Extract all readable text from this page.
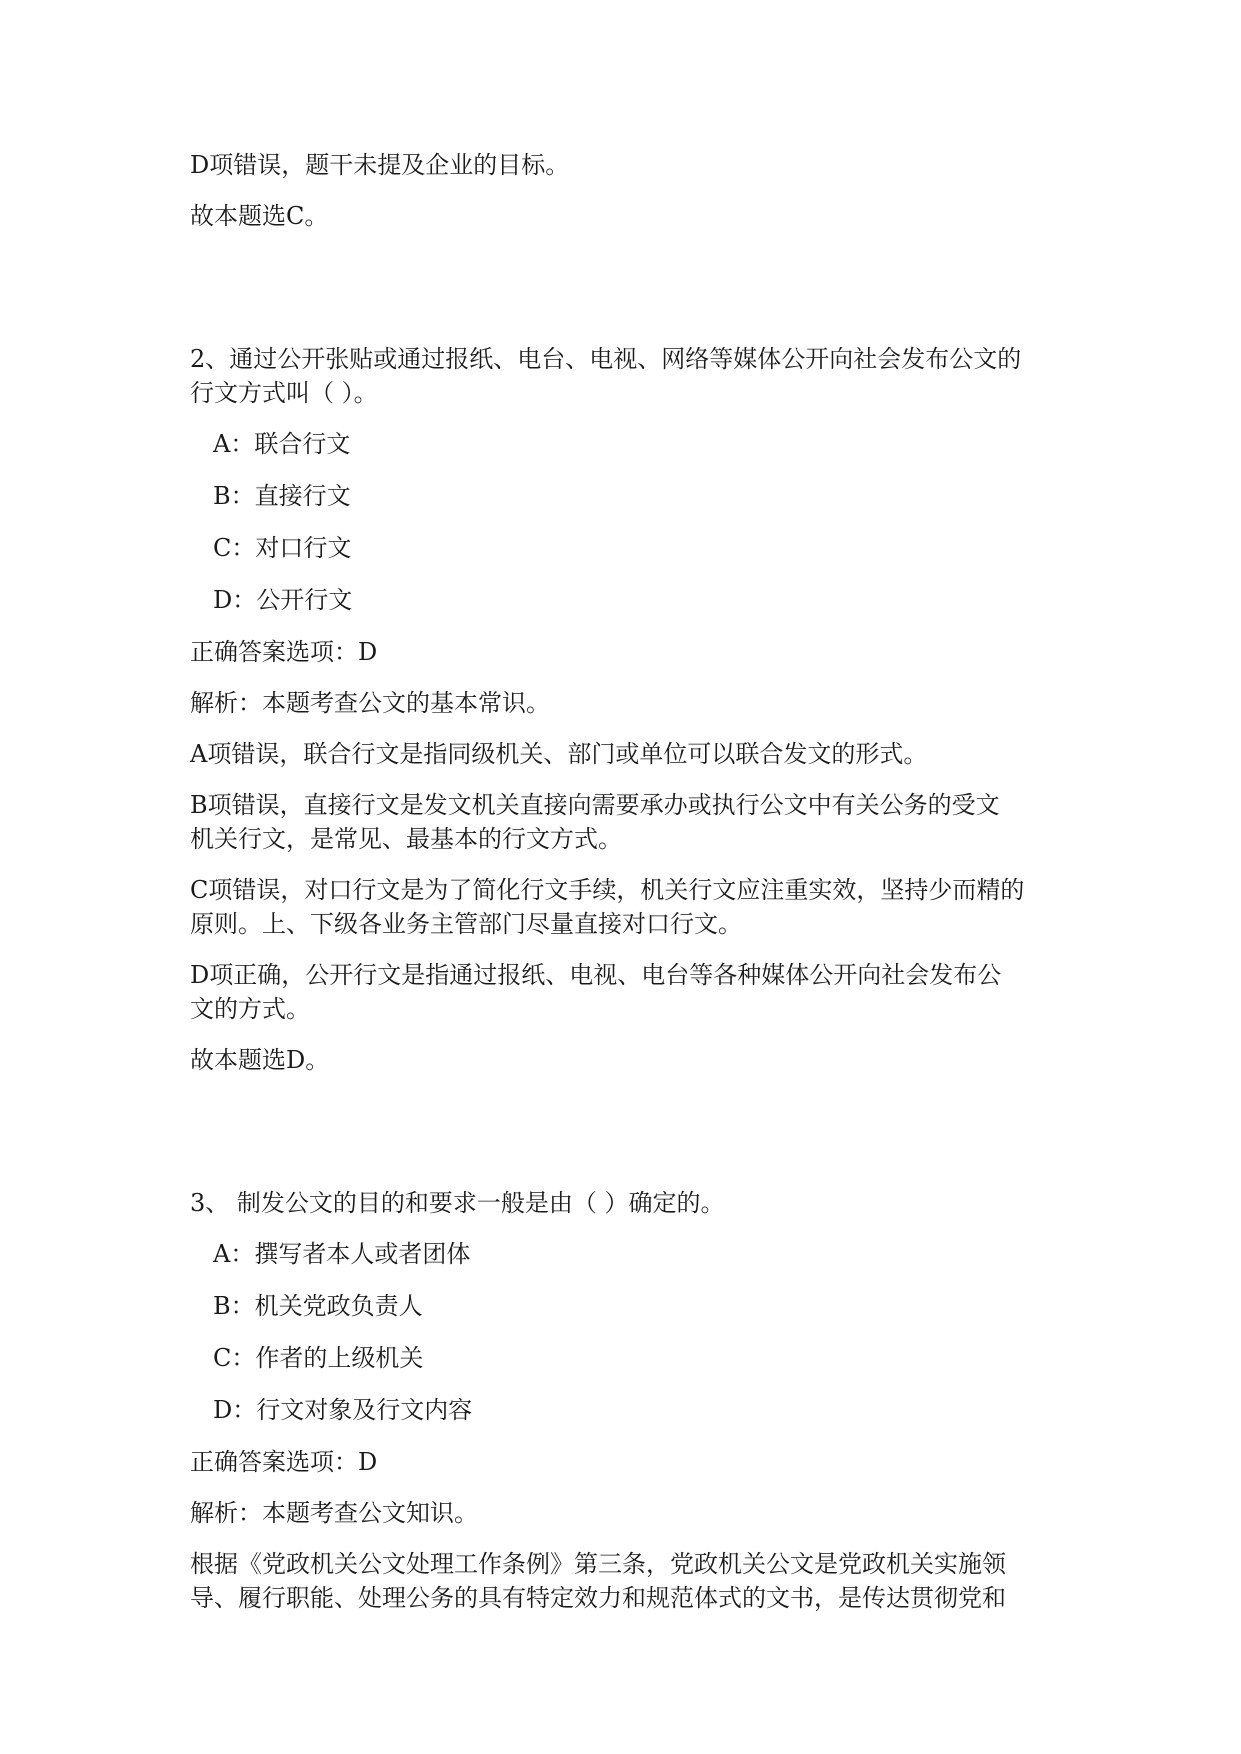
D项错误，题干未提及企业的目标。

故本题选C。

2、通过公开张贴或通过报纸、电台、电视、网络等媒体公开向社会发布公文的

行文方式叫（ ）。

A：联合行文
B：直接行文
C：对口行文
D：公开行文

正确答案选项：D

解析：本题考查公文的基本常识。

A项错误，联合行文是指同级机关、部门或单位可以联合发文的形式。

B项错误，直接行文是发文机关直接向需要承办或执行公文中有关公务的受文

机关行文，是常见、最基本的行文方式。

C项错误，对口行文是为了简化行文手续，机关行文应注重实效，坚持少而精的

原则。上、下级各业务主管部门尽量直接对口行文。

D项正确，公开行文是指通过报纸、电视、电台等各种媒体公开向社会发布公

文的方式。

故本题选D。

3、 制发公文的目的和要求一般是由（ ）确定的。

A：撰写者本人或者团体
B：机关党政负责人
C：作者的上级机关
D：行文对象及行文内容

正确答案选项：D

解析：本题考查公文知识。

根据《党政机关公文处理工作条例》第三条，党政机关公文是党政机关实施领

导、履行职能、处理公务的具有特定效力和规范体式的文书，是传达贯彻党和
